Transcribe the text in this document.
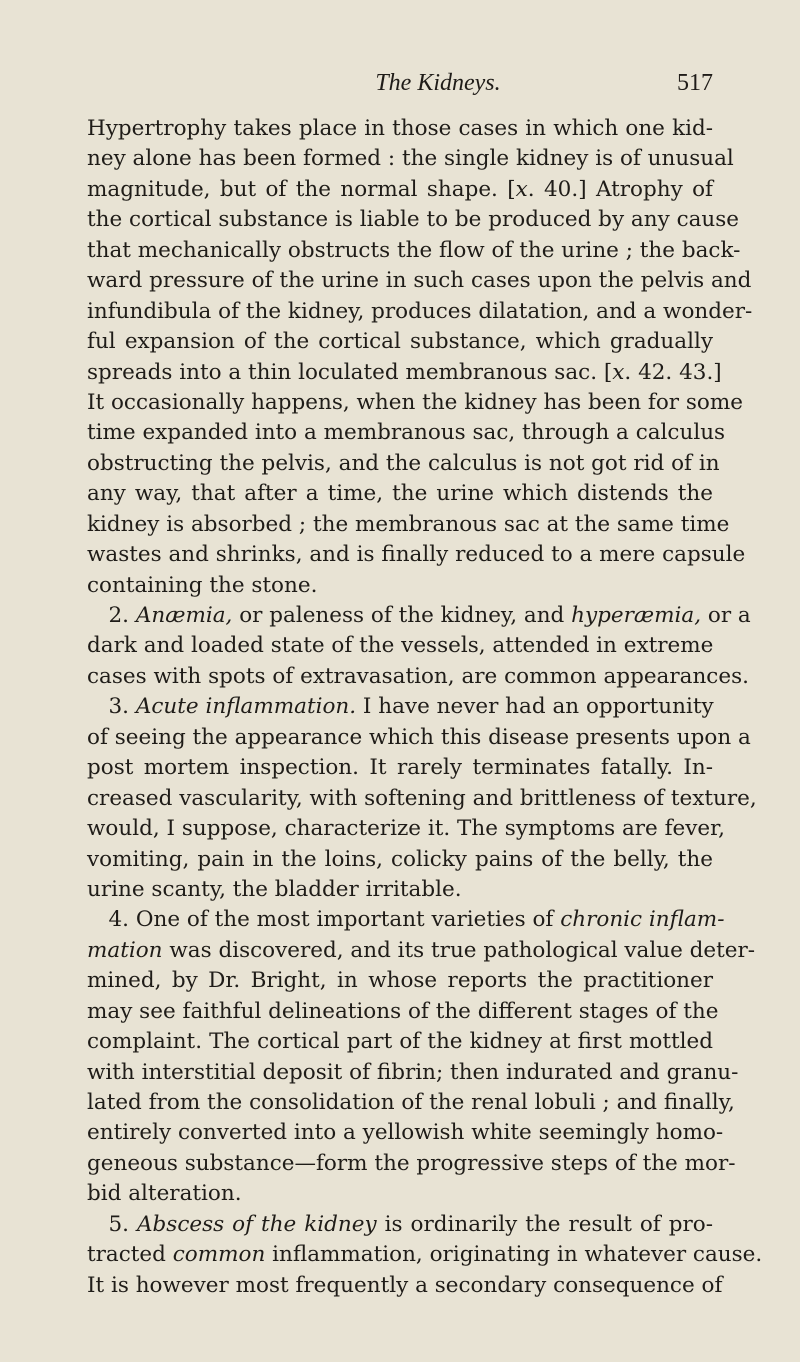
The Kidneys.	517
Hypertrophy takes place in those cases in which one kid-
ney alone has been formed : the single kidney is of unusual
magnitude, but of the normal shape. [x. 40.] Atrophy of
the cortical substance is liable to be produced by any cause
that mechanically obstructs the flow of the urine ; the back-
ward pressure of the urine in such cases upon the pelvis and
infundibula of the kidney, produces dilatation, and a wonder-
ful expansion of the cortical substance, which gradually
spreads into a thin loculated membranous sac. [x. 42. 43.]
It occasionally happens, when the kidney has been for some
time expanded into a membranous sac, through a calculus
obstructing the pelvis, and the calculus is not got rid of in
any way, that after a time, the urine which distends the
kidney is absorbed ; the membranous sac at the same time
wastes and shrinks, and is finally reduced to a mere capsule
containing the stone.
 2. Anæmia, or paleness of the kidney, and hyperæmia, or a
dark and loaded state of the vessels, attended in extreme
cases with spots of extravasation, are common appearances.
 3. Acute inflammation. I have never had an opportunity
of seeing the appearance which this disease presents upon a
post mortem inspection. It rarely terminates fatally. In-
creased vascularity, with softening and brittleness of texture,
would, I suppose, characterize it. The symptoms are fever,
vomiting, pain in the loins, colicky pains of the belly, the
urine scanty, the bladder irritable.
 4. One of the most important varieties of chronic inflam-
mation was discovered, and its true pathological value deter-
mined, by Dr. Bright, in whose reports the practitioner
may see faithful delineations of the different stages of the
complaint. The cortical part of the kidney at first mottled
with interstitial deposit of fibrin; then indurated and granu-
lated from the consolidation of the renal lobuli ; and finally,
entirely converted into a yellowish white seemingly homo-
geneous substance—form the progressive steps of the mor-
bid alteration.
 5. Abscess of the kidney is ordinarily the result of pro-
tracted common inflammation, originating in whatever cause.
It is however most frequently a secondary consequence of
